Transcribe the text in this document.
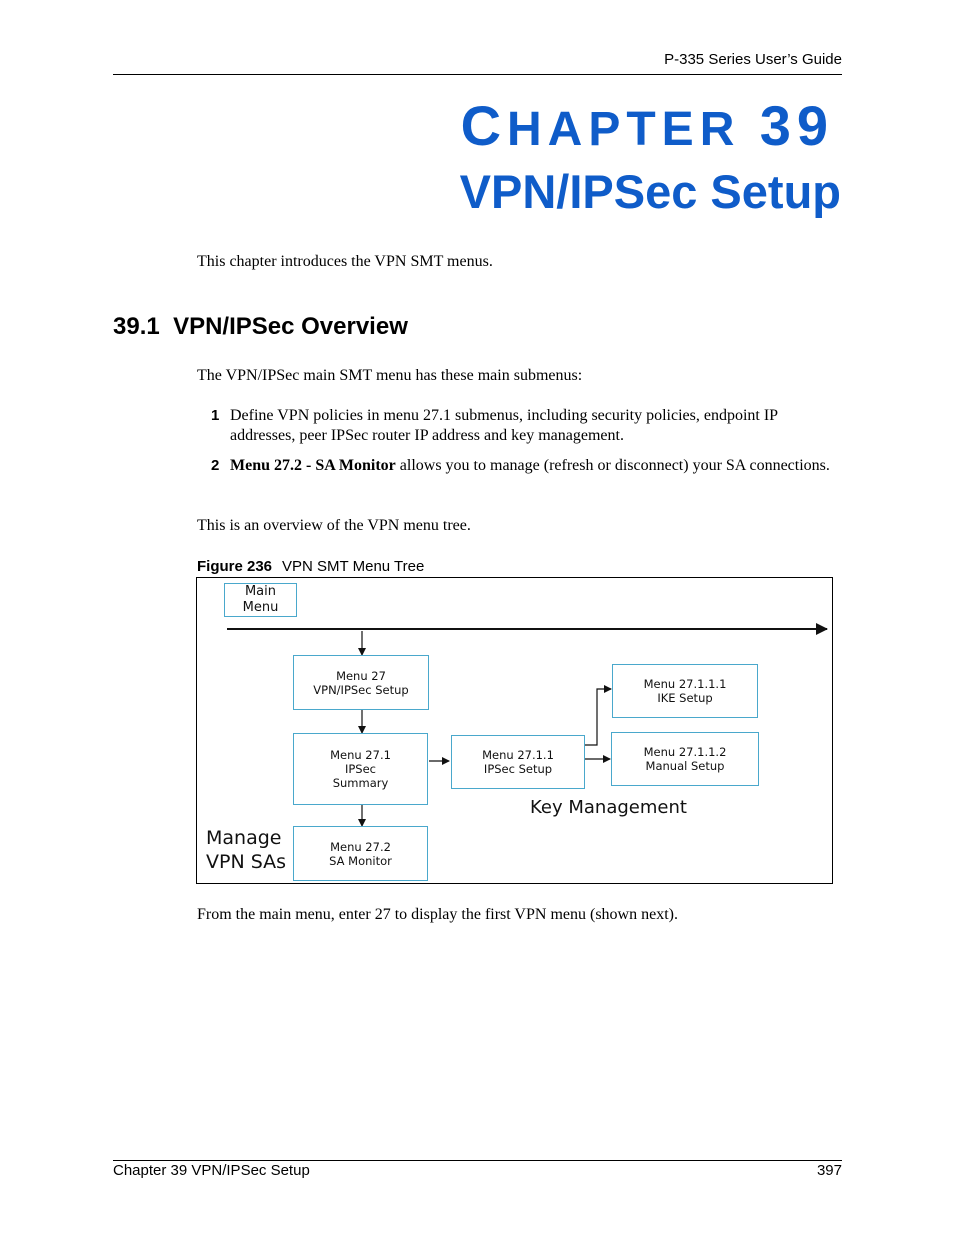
P-335 Series User’s Guide
CHAPTER 39
VPN/IPSec Setup
This chapter introduces the VPN SMT menus.
39.1 VPN/IPSec Overview
The VPN/IPSec main SMT menu has these main submenus:
1 Define VPN policies in menu 27.1 submenus, including security policies, endpoint IP addresses, peer IPSec router IP address and key management.
2 Menu 27.2 - SA Monitor allows you to manage (refresh or disconnect) your SA connections.
This is an overview of the VPN menu tree.
Figure 236 VPN SMT Menu Tree
Main
Menu
Menu 27
VPN/IPSec Setup
Menu 27.1
IPSec
Summary
Menu 27.2
SA Monitor
Menu 27.1.1
IPSec Setup
Menu 27.1.1.1
IKE Setup
Menu 27.1.1.2
Manual Setup
Key Management
Manage
VPN SAs
From the main menu, enter 27 to display the first VPN menu (shown next).
Chapter 39 VPN/IPSec Setup	397
